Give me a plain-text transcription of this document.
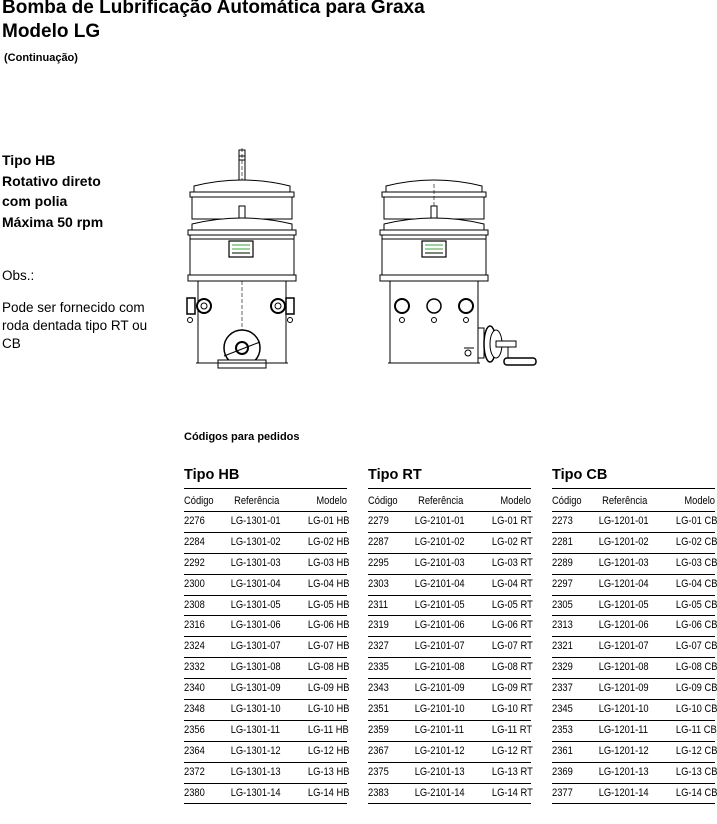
Bomba de Lubrificação Automática para Graxa
Modelo LG
(Continuação)
Tipo HB
Rotativo direto
com polia
Máxima 50 rpm
Obs.:
Pode ser fornecido com roda dentada tipo RT ou CB
Códigos para pedidos
Tipo HB
Código	Referência	Modelo
2276	LG-1301-01	LG-01 HB
2284	LG-1301-02	LG-02 HB
2292	LG-1301-03	LG-03 HB
2300	LG-1301-04	LG-04 HB
2308	LG-1301-05	LG-05 HB
2316	LG-1301-06	LG-06 HB
2324	LG-1301-07	LG-07 HB
2332	LG-1301-08	LG-08 HB
2340	LG-1301-09	LG-09 HB
2348	LG-1301-10	LG-10 HB
2356	LG-1301-11	LG-11 HB
2364	LG-1301-12	LG-12 HB
2372	LG-1301-13	LG-13 HB
2380	LG-1301-14	LG-14 HB
Tipo RT
Código	Referência	Modelo
2279	LG-2101-01	LG-01 RT
2287	LG-2101-02	LG-02 RT
2295	LG-2101-03	LG-03 RT
2303	LG-2101-04	LG-04 RT
2311	LG-2101-05	LG-05 RT
2319	LG-2101-06	LG-06 RT
2327	LG-2101-07	LG-07 RT
2335	LG-2101-08	LG-08 RT
2343	LG-2101-09	LG-09 RT
2351	LG-2101-10	LG-10 RT
2359	LG-2101-11	LG-11 RT
2367	LG-2101-12	LG-12 RT
2375	LG-2101-13	LG-13 RT
2383	LG-2101-14	LG-14 RT
Tipo CB
Código	Referência	Modelo
2273	LG-1201-01	LG-01 CB
2281	LG-1201-02	LG-02 CB
2289	LG-1201-03	LG-03 CB
2297	LG-1201-04	LG-04 CB
2305	LG-1201-05	LG-05 CB
2313	LG-1201-06	LG-06 CB
2321	LG-1201-07	LG-07 CB
2329	LG-1201-08	LG-08 CB
2337	LG-1201-09	LG-09 CB
2345	LG-1201-10	LG-10 CB
2353	LG-1201-11	LG-11 CB
2361	LG-1201-12	LG-12 CB
2369	LG-1201-13	LG-13 CB
2377	LG-1201-14	LG-14 CB
